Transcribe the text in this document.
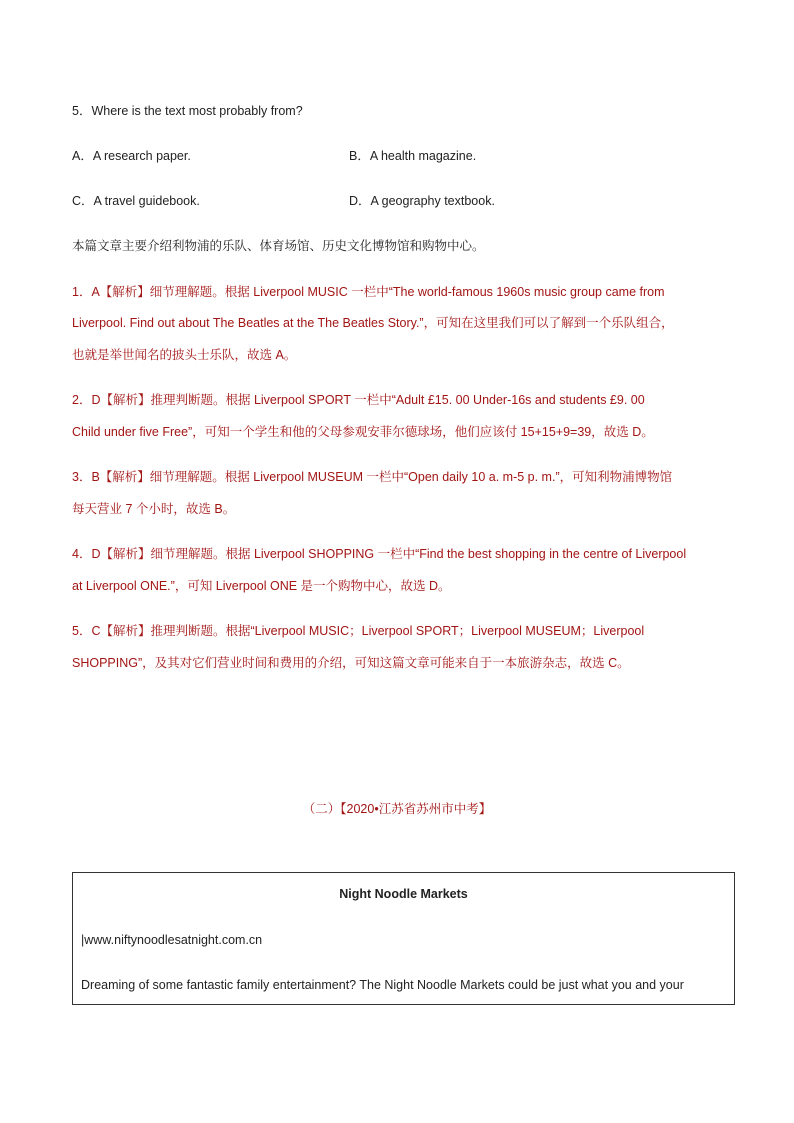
5．Where is the text most probably from?
A．A research paper.	B．A health magazine.
C．A travel guidebook.	D．A geography textbook.
本篇文章主要介绍利物浦的乐队、体育场馆、历史文化博物馆和购物中心。
1．A【解析】细节理解题。根据 Liverpool MUSIC 一栏中“The world-famous 1960s music group came from
Liverpool. Find out about The Beatles at the The Beatles Story.”，可知在这里我们可以了解到一个乐队组合，
也就是举世闻名的披头士乐队，故选 A。
2．D【解析】推理判断题。根据 Liverpool SPORT 一栏中“Adult £15. 00 Under-16s and students £9. 00
Child under five Free”，可知一个学生和他的父母参观安菲尔德球场，他们应该付 15+15+9=39，故选 D。
3．B【解析】细节理解题。根据 Liverpool MUSEUM 一栏中“Open daily 10 a. m-5 p. m.”，可知利物浦博物馆
每天营业 7 个小时，故选 B。
4．D【解析】细节理解题。根据 Liverpool SHOPPING 一栏中“Find the best shopping in the centre of Liverpool
at Liverpool ONE.”，可知 Liverpool ONE 是一个购物中心，故选 D。
5．C【解析】推理判断题。根据“Liverpool MUSIC；Liverpool SPORT；Liverpool MUSEUM；Liverpool
SHOPPING”，及其对它们营业时间和费用的介绍，可知这篇文章可能来自于一本旅游杂志，故选 C。
（二）【2020•江苏省苏州市中考】
Night Noodle Markets
|www.niftynoodlesatnight.com.cn
Dreaming of some fantastic family entertainment? The Night Noodle Markets could be just what you and your
